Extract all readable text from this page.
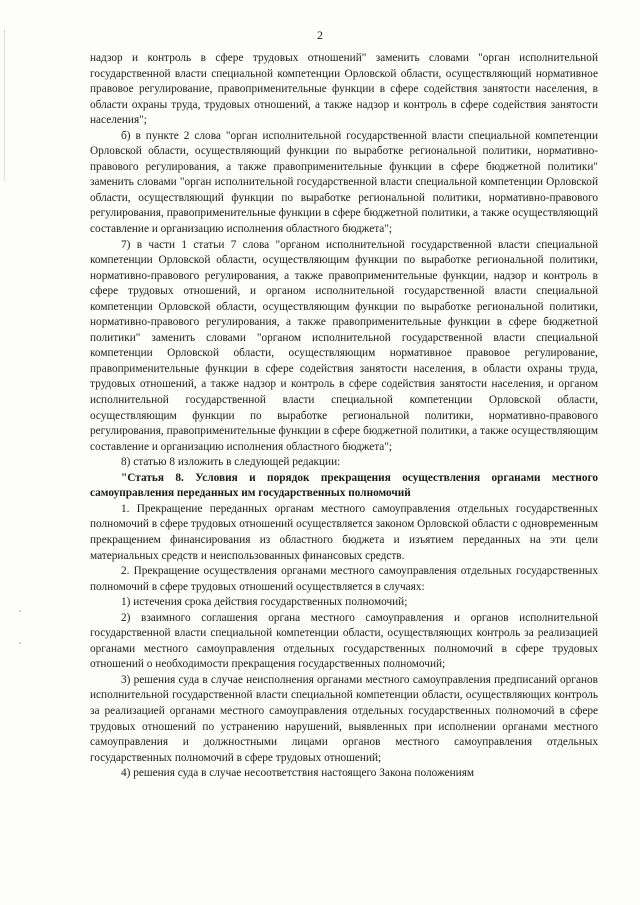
2

надзор и контроль в сфере трудовых отношений" заменить словами "орган исполнительной государственной власти специальной компетенции Орловской области, осуществляющий нормативное правовое регулирование, правоприменительные функции в сфере содействия занятости населения, в области охраны труда, трудовых отношений, а также надзор и контроль в сфере содействия занятости населения";

б) в пункте 2 слова "орган исполнительной государственной власти специальной компетенции Орловской области, осуществляющий функции по выработке региональной политики, нормативно-правового регулирования, а также правоприменительные функции в сфере бюджетной политики" заменить словами "орган исполнительной государственной власти специальной компетенции Орловской области, осуществляющий функции по выработке региональной политики, нормативно-правового регулирования, правоприменительные функции в сфере бюджетной политики, а также осуществляющий составление и организацию исполнения областного бюджета";

7) в части 1 статьи 7 слова "органом исполнительной государственной власти специальной компетенции Орловской области, осуществляющим функции по выработке региональной политики, нормативно-правового регулирования, а также правоприменительные функции, надзор и контроль в сфере трудовых отношений, и органом исполнительной государственной власти специальной компетенции Орловской области, осуществляющим функции по выработке региональной политики, нормативно-правового регулирования, а также правоприменительные функции в сфере бюджетной политики" заменить словами "органом исполнительной государственной власти специальной компетенции Орловской области, осуществляющим нормативное правовое регулирование, правоприменительные функции в сфере содействия занятости населения, в области охраны труда, трудовых отношений, а также надзор и контроль в сфере содействия занятости населения, и органом исполнительной государственной власти специальной компетенции Орловской области, осуществляющим функции по выработке региональной политики, нормативно-правового регулирования, правоприменительные функции в сфере бюджетной политики, а также осуществляющим составление и организацию исполнения областного бюджета";

8) статью 8 изложить в следующей редакции:

"Статья 8. Условия и порядок прекращения осуществления органами местного самоуправления переданных им государственных полномочий

1. Прекращение переданных органам местного самоуправления отдельных государственных полномочий в сфере трудовых отношений осуществляется законом Орловской области с одновременным прекращением финансирования из областного бюджета и изъятием переданных на эти цели материальных средств и неиспользованных финансовых средств.

2. Прекращение осуществления органами местного самоуправления отдельных государственных полномочий в сфере трудовых отношений осуществляется в случаях:

1) истечения срока действия государственных полномочий;

2) взаимного соглашения органа местного самоуправления и органов исполнительной государственной власти специальной компетенции области, осуществляющих контроль за реализацией органами местного самоуправления отдельных государственных полномочий в сфере трудовых отношений о необходимости прекращения государственных полномочий;

3) решения суда в случае неисполнения органами местного самоуправления предписаний органов исполнительной государственной власти специальной компетенции области, осуществляющих контроль за реализацией органами местного самоуправления отдельных государственных полномочий в сфере трудовых отношений по устранению нарушений, выявленных при исполнении органами местного самоуправления и должностными лицами органов местного самоуправления отдельных государственных полномочий в сфере трудовых отношений;

4) решения суда в случае несоответствия настоящего Закона положениям
